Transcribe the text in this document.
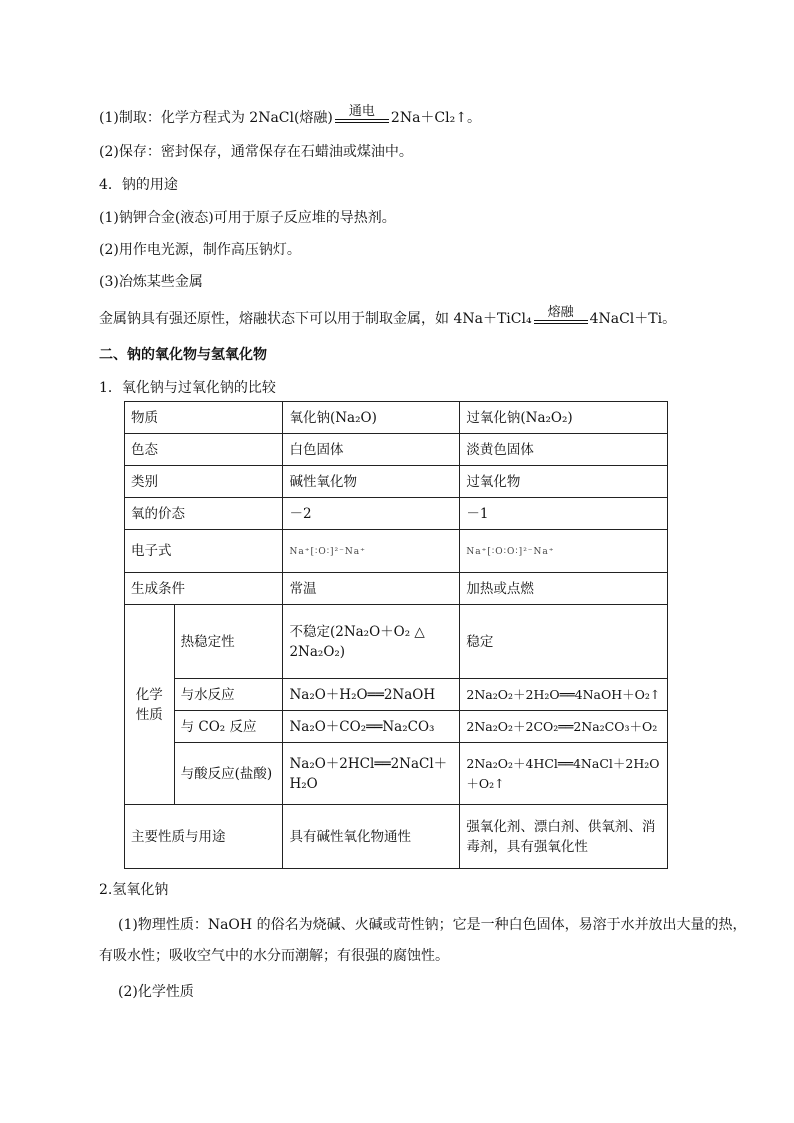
(1)制取：化学方程式为 2NaCl(熔融)	通电	2Na＋Cl₂↑。
(2)保存：密封保存，通常保存在石蜡油或煤油中。
4．钠的用途
(1)钠钾合金(液态)可用于原子反应堆的导热剂。
(2)用作电光源，制作高压钠灯。
(3)冶炼某些金属
金属钠具有强还原性，熔融状态下可以用于制取金属，如 4Na＋TiCl₄	熔融	4NaCl＋Ti。
二、钠的氧化物与氢氧化物
1．氧化钠与过氧化钠的比较
物质		氧化钠(Na₂O)	过氧化钠(Na₂O₂)
色态		白色固体	淡黄色固体
类别		碱性氧化物	过氧化物
氧的价态		－2	－1
电子式		Na⁺[∶O∶]²⁻Na⁺	Na⁺[∶O∶O∶]²⁻Na⁺
生成条件		常温	加热或点燃
化学性质	热稳定性	不稳定(2Na₂O＋O₂ △ 2Na₂O₂)	稳定
	与水反应	Na₂O＋H₂O══2NaOH	2Na₂O₂＋2H₂O══4NaOH＋O₂↑
	与 CO₂ 反应	Na₂O＋CO₂══Na₂CO₃	2Na₂O₂＋2CO₂══2Na₂CO₃＋O₂
	与酸反应(盐酸)	Na₂O＋2HCl══2NaCl＋H₂O	2Na₂O₂＋4HCl══4NaCl＋2H₂O＋O₂↑
主要性质与用途		具有碱性氧化物通性	强氧化剂、漂白剂、供氧剂、消毒剂，具有强氧化性
2.氢氧化钠
(1)物理性质：NaOH 的俗名为烧碱、火碱或苛性钠；它是一种白色固体，易溶于水并放出大量的热，
有吸水性；吸收空气中的水分而潮解；有很强的腐蚀性。
(2)化学性质
